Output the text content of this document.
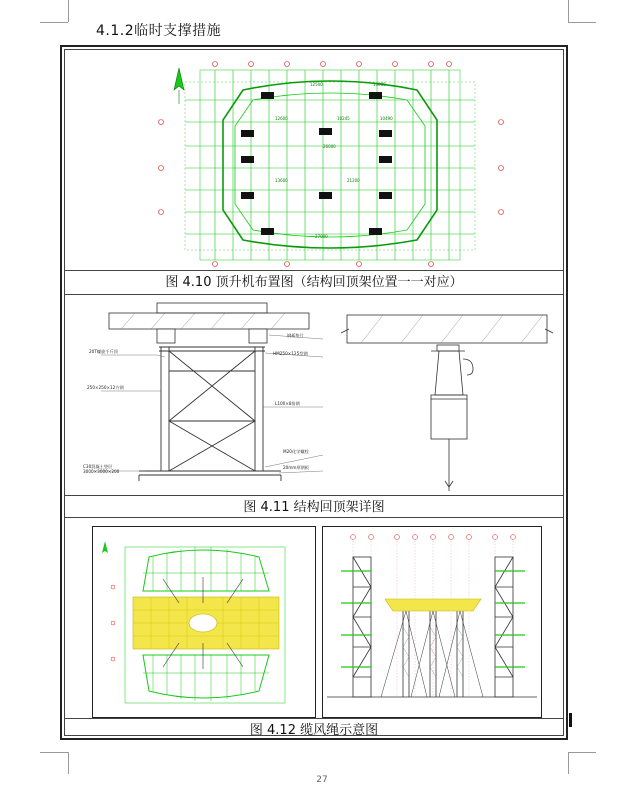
4.1.2临时支撑措施
12500	13000
12600	10245	10490
26000
13600	21200
27000
图 4.10 顶升机布置图（结构回顶架位置一一对应）
20T螺旋千斤顶
250×250×12方钢
C30混凝土垫层 3000×3000×200
钢板垫片
HM250×125型钢
L100×8角钢
M20化学螺栓
20mm厚钢板
图 4.11 结构回顶架详图
图 4.12 缆风绳示意图
27
